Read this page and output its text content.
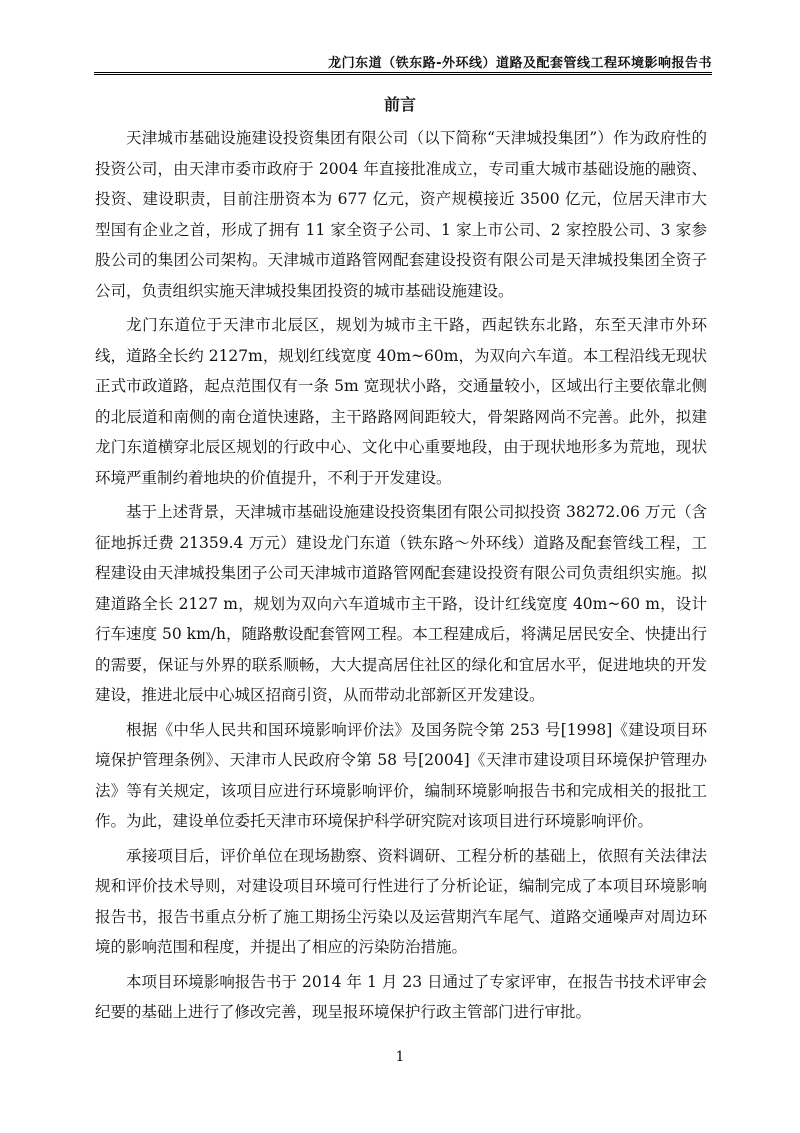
龙门东道（铁东路-外环线）道路及配套管线工程环境影响报告书
前言

天津城市基础设施建设投资集团有限公司（以下简称“天津城投集团”）作为政府性的投资公司，由天津市委市政府于 2004 年直接批准成立，专司重大城市基础设施的融资、投资、建设职责，目前注册资本为 677 亿元，资产规模接近 3500 亿元，位居天津市大型国有企业之首，形成了拥有 11 家全资子公司、1 家上市公司、2 家控股公司、3 家参股公司的集团公司架构。天津城市道路管网配套建设投资有限公司是天津城投集团全资子公司，负责组织实施天津城投集团投资的城市基础设施建设。

龙门东道位于天津市北辰区，规划为城市主干路，西起铁东北路，东至天津市外环线，道路全长约 2127m，规划红线宽度 40m~60m，为双向六车道。本工程沿线无现状正式市政道路，起点范围仅有一条 5m 宽现状小路，交通量较小，区域出行主要依靠北侧的北辰道和南侧的南仓道快速路，主干路路网间距较大，骨架路网尚不完善。此外，拟建龙门东道横穿北辰区规划的行政中心、文化中心重要地段，由于现状地形多为荒地，现状环境严重制约着地块的价值提升，不利于开发建设。

基于上述背景，天津城市基础设施建设投资集团有限公司拟投资 38272.06 万元（含征地拆迁费 21359.4 万元）建设龙门东道（铁东路～外环线）道路及配套管线工程，工程建设由天津城投集团子公司天津城市道路管网配套建设投资有限公司负责组织实施。拟建道路全长 2127 m，规划为双向六车道城市主干路，设计红线宽度 40m~60 m，设计行车速度 50 km/h，随路敷设配套管网工程。本工程建成后，将满足居民安全、快捷出行的需要，保证与外界的联系顺畅，大大提高居住社区的绿化和宜居水平，促进地块的开发建设，推进北辰中心城区招商引资，从而带动北部新区开发建设。

根据《中华人民共和国环境影响评价法》及国务院令第 253 号[1998]《建设项目环境保护管理条例》、天津市人民政府令第 58 号[2004]《天津市建设项目环境保护管理办法》等有关规定，该项目应进行环境影响评价，编制环境影响报告书和完成相关的报批工作。为此，建设单位委托天津市环境保护科学研究院对该项目进行环境影响评价。

承接项目后，评价单位在现场勘察、资料调研、工程分析的基础上，依照有关法律法规和评价技术导则，对建设项目环境可行性进行了分析论证，编制完成了本项目环境影响报告书，报告书重点分析了施工期扬尘污染以及运营期汽车尾气、道路交通噪声对周边环境的影响范围和程度，并提出了相应的污染防治措施。

本项目环境影响报告书于 2014 年 1 月 23 日通过了专家评审，在报告书技术评审会纪要的基础上进行了修改完善，现呈报环境保护行政主管部门进行审批。

1
